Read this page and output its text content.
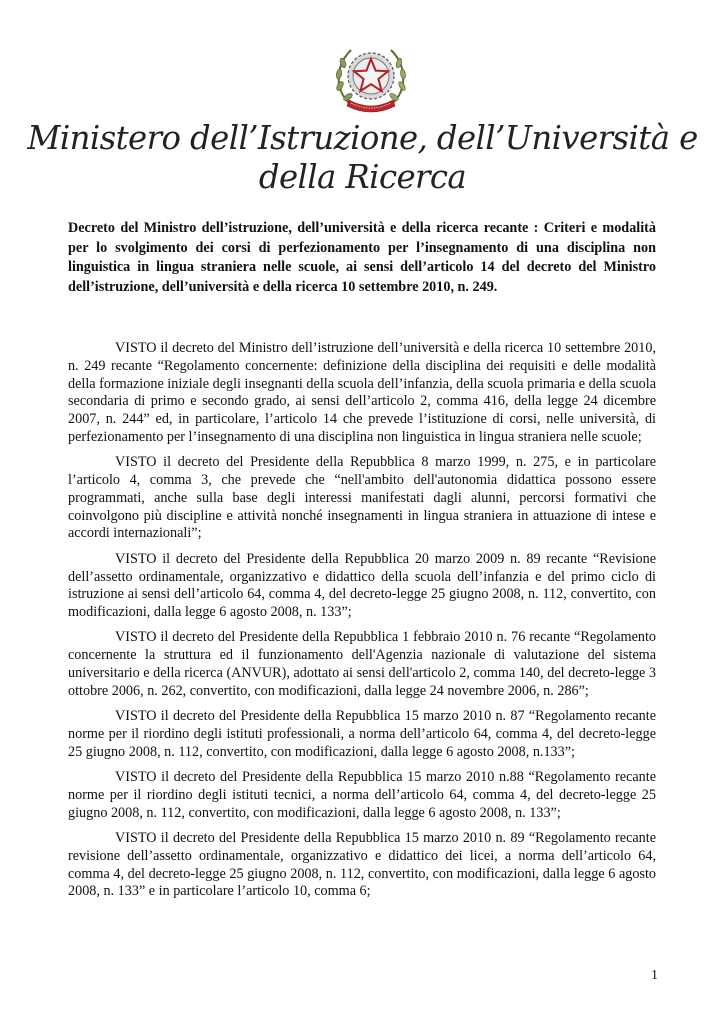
Ministero dell’Istruzione, dell’Università e della Ricerca

Decreto del Ministro dell’istruzione, dell’università e della ricerca recante : Criteri e modalità per lo svolgimento dei corsi di perfezionamento per l’insegnamento di una disciplina non linguistica in lingua straniera nelle scuole, ai sensi dell’articolo 14 del decreto del Ministro dell’istruzione, dell’università e della ricerca 10 settembre 2010, n. 249.

VISTO il decreto del Ministro dell’istruzione dell’università e della ricerca 10 settembre 2010, n. 249 recante “Regolamento concernente: definizione della disciplina dei requisiti e delle modalità della formazione iniziale degli insegnanti della scuola dell’infanzia, della scuola primaria e della scuola secondaria di primo e secondo grado, ai sensi dell’articolo 2, comma 416, della legge 24 dicembre 2007, n. 244” ed, in particolare, l’articolo 14 che prevede l’istituzione di corsi, nelle università, di perfezionamento per l’insegnamento di una disciplina non linguistica in lingua straniera nelle scuole;

VISTO il decreto del Presidente della Repubblica 8 marzo 1999, n. 275, e in particolare l’articolo 4, comma 3, che prevede che “nell'ambito dell'autonomia didattica possono essere programmati, anche sulla base degli interessi manifestati dagli alunni, percorsi formativi che coinvolgono più discipline e attività nonché insegnamenti in lingua straniera in attuazione di intese e accordi internazionali”;

VISTO il decreto del Presidente della Repubblica 20 marzo 2009 n. 89 recante “Revisione dell’assetto ordinamentale, organizzativo e didattico della scuola dell’infanzia e del primo ciclo di istruzione ai sensi dell’articolo 64, comma 4, del decreto-legge 25 giugno 2008, n. 112, convertito, con modificazioni, dalla legge 6 agosto 2008, n. 133”;

VISTO il decreto del Presidente della Repubblica 1 febbraio 2010 n. 76 recante “Regolamento concernente la struttura ed il funzionamento dell'Agenzia nazionale di valutazione del sistema universitario e della ricerca (ANVUR), adottato ai sensi dell'articolo 2, comma 140, del decreto-legge 3 ottobre 2006, n. 262, convertito, con modificazioni, dalla legge 24 novembre 2006, n. 286”;

VISTO il decreto del Presidente della Repubblica 15 marzo 2010 n. 87 “Regolamento recante norme per il riordino degli istituti professionali, a norma dell’articolo 64, comma 4, del decreto-legge 25 giugno 2008, n. 112, convertito, con modificazioni, dalla legge 6 agosto 2008, n.133”;

VISTO il decreto del Presidente della Repubblica 15 marzo 2010 n.88 “Regolamento recante norme per il riordino degli istituti tecnici, a norma dell’articolo 64, comma 4, del decreto-legge 25 giugno 2008, n. 112, convertito, con modificazioni, dalla legge 6 agosto 2008, n. 133”;

VISTO il decreto del Presidente della Repubblica 15 marzo 2010 n. 89 “Regolamento recante revisione dell’assetto ordinamentale, organizzativo e didattico dei licei, a norma dell’articolo 64, comma 4, del decreto-legge 25 giugno 2008, n. 112, convertito, con modificazioni, dalla legge 6 agosto 2008, n. 133” e in particolare l’articolo 10, comma 6;

1
